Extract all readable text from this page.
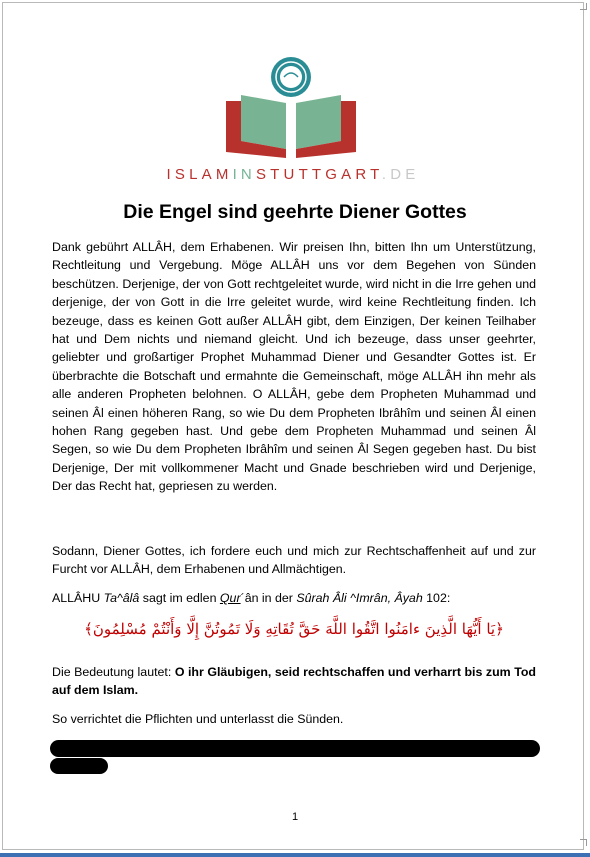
ISLAMINSTUTTGART.DE
Die Engel sind geehrte Diener Gottes

Dank gebührt ALLÂH, dem Erhabenen. Wir preisen Ihn, bitten Ihn um Unterstützung, Rechtleitung und Vergebung. Möge ALLÂH uns vor dem Begehen von Sünden beschützen. Derjenige, der von Gott rechtgeleitet wurde, wird nicht in die Irre gehen und derjenige, der von Gott in die Irre geleitet wurde, wird keine Rechtleitung finden. Ich bezeuge, dass es keinen Gott außer ALLÂH gibt, dem Einzigen, Der keinen Teilhaber hat und Dem nichts und niemand gleicht. Und ich bezeuge, dass unser geehrter, geliebter und großartiger Prophet Muhammad Diener und Gesandter Gottes ist. Er überbrachte die Botschaft und ermahnte die Gemeinschaft, möge ALLÂH ihn mehr als alle anderen Propheten belohnen. O ALLÂH, gebe dem Propheten Muhammad und seinen Âl einen höheren Rang, so wie Du dem Propheten Ibrâhîm und seinen Âl einen hohen Rang gegeben hast. Und gebe dem Propheten Muhammad und seinen Âl Segen, so wie Du dem Propheten Ibrâhîm und seinen Âl Segen gegeben hast. Du bist Derjenige, Der mit vollkommener Macht und Gnade beschrieben wird und Derjenige, Der das Recht hat, gepriesen zu werden.

Sodann, Diener Gottes, ich fordere euch und mich zur Rechtschaffenheit auf und zur Furcht vor ALLÂH, dem Erhabenen und Allmächtigen.

ALLÂHU Ta^âlâ sagt im edlen Qur´ân in der Sûrah Âli ^Imrân, Âyah 102:

﴿يَا أَيُّهَا الَّذِينَ ءامَنُوا اتَّقُوا اللَّهَ حَقَّ تُقَاتِهِ وَلَا تَمُوتُنَّ إِلَّا وَأَنْتُمْ مُسْلِمُونَ﴾

Die Bedeutung lautet: O ihr Gläubigen, seid rechtschaffen und verharrt bis zum Tod auf dem Islam.

So verrichtet die Pflichten und unterlasst die Sünden.

1
